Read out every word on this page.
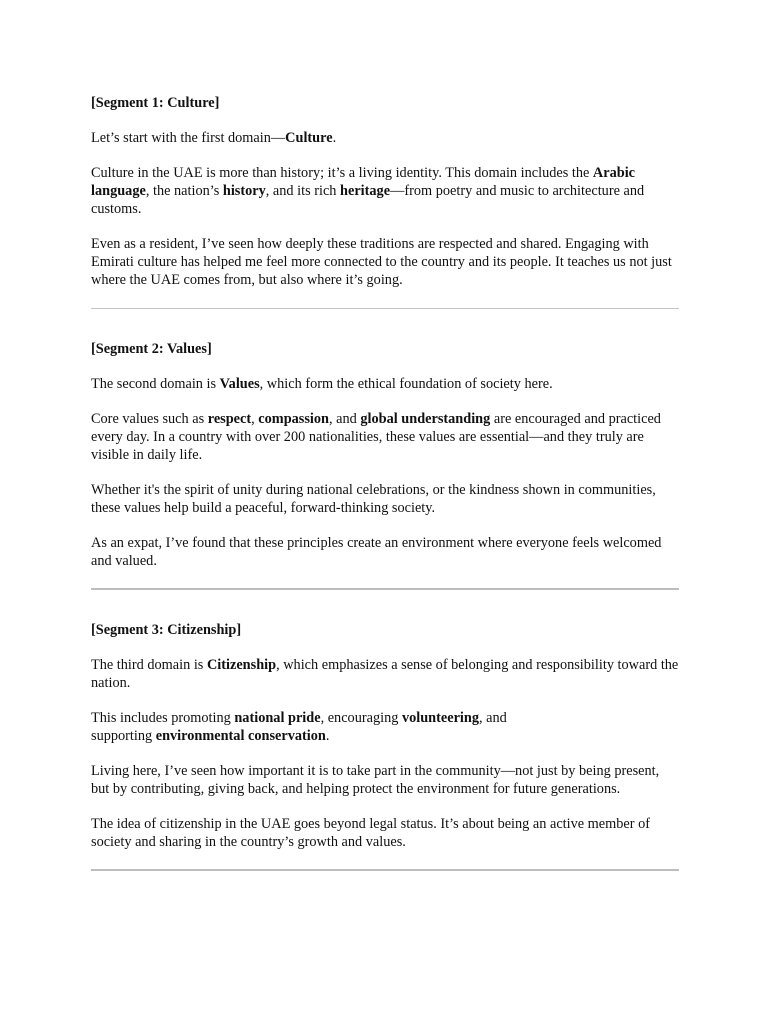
[Segment 1: Culture]

Let’s start with the first domain—Culture.

Culture in the UAE is more than history; it’s a living identity. This domain includes the Arabic language, the nation’s history, and its rich heritage—from poetry and music to architecture and customs.

Even as a resident, I’ve seen how deeply these traditions are respected and shared. Engaging with Emirati culture has helped me feel more connected to the country and its people. It teaches us not just where the UAE comes from, but also where it’s going.

[Segment 2: Values]

The second domain is Values, which form the ethical foundation of society here.

Core values such as respect, compassion, and global understanding are encouraged and practiced every day. In a country with over 200 nationalities, these values are essential—and they truly are visible in daily life.

Whether it's the spirit of unity during national celebrations, or the kindness shown in communities, these values help build a peaceful, forward-thinking society.

As an expat, I’ve found that these principles create an environment where everyone feels welcomed and valued.

[Segment 3: Citizenship]

The third domain is Citizenship, which emphasizes a sense of belonging and responsibility toward the nation.

This includes promoting national pride, encouraging volunteering, and
supporting environmental conservation.

Living here, I’ve seen how important it is to take part in the community—not just by being present, but by contributing, giving back, and helping protect the environment for future generations.

The idea of citizenship in the UAE goes beyond legal status. It’s about being an active member of society and sharing in the country’s growth and values.
